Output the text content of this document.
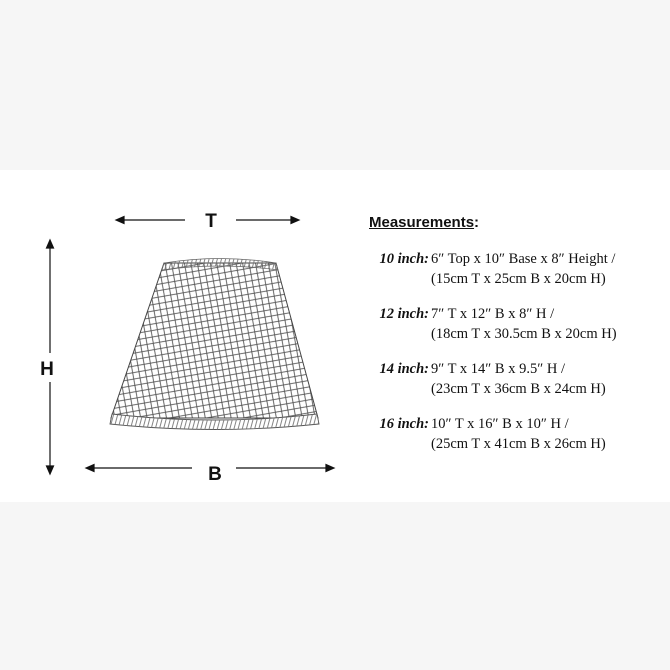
T
H
B
Measurements:
10 inch: 6″ Top x 10″ Base x 8″ Height /
(15cm T x 25cm B x 20cm H)
12 inch: 7″ T x 12″ B x 8″ H /
(18cm T x 30.5cm B x 20cm H)
14 inch: 9″ T x 14″ B x 9.5″ H /
(23cm T x 36cm B x 24cm H)
16 inch: 10″ T x 16″ B x 10″ H /
(25cm T x 41cm B x 26cm H)
